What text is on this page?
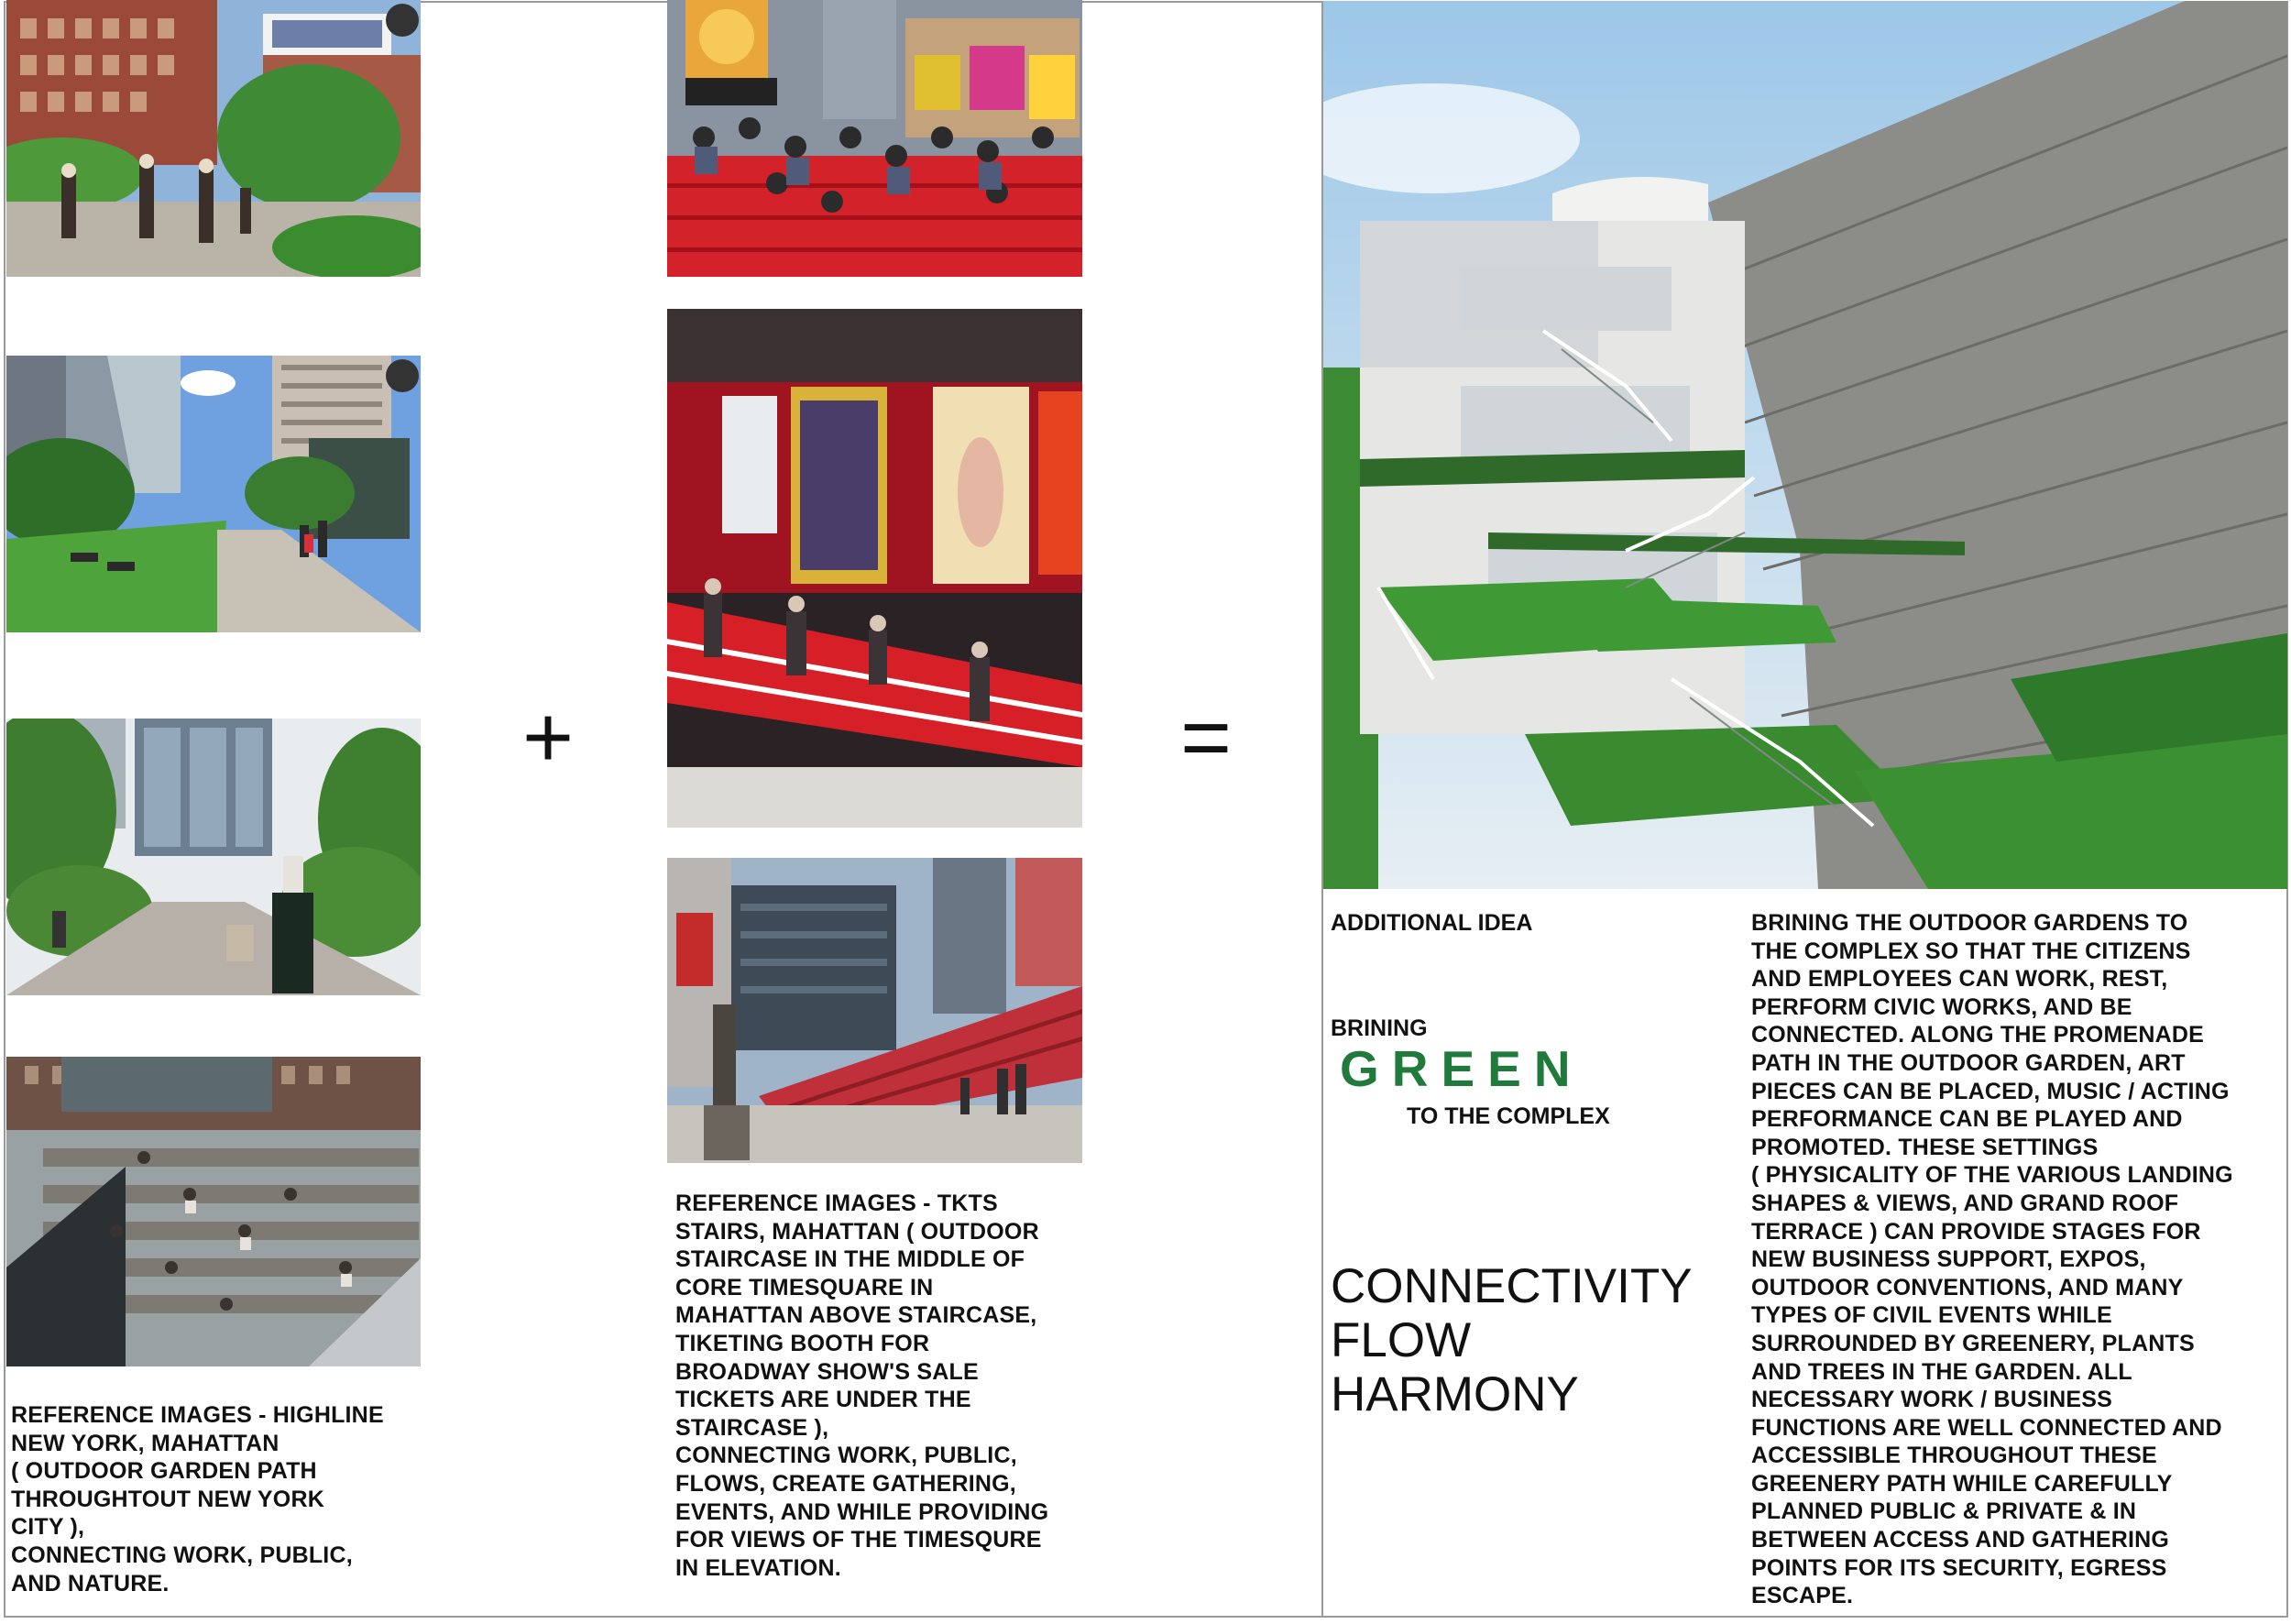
REFERENCE IMAGES - HIGHLINE
NEW YORK, MAHATTAN
( OUTDOOR GARDEN PATH
THROUGHTOUT NEW YORK
CITY ),
CONNECTING WORK, PUBLIC,
AND NATURE.
+
REFERENCE IMAGES - TKTS
STAIRS, MAHATTAN ( OUTDOOR
STAIRCASE IN THE MIDDLE OF
CORE TIMESQUARE IN
MAHATTAN ABOVE STAIRCASE,
TIKETING BOOTH FOR
BROADWAY SHOW'S SALE
TICKETS ARE UNDER THE
STAIRCASE ),
CONNECTING WORK, PUBLIC,
FLOWS, CREATE GATHERING,
EVENTS, AND WHILE PROVIDING
FOR VIEWS OF THE TIMESQURE
IN ELEVATION.
=
ADDITIONAL IDEA
BRINING
GREEN
TO THE COMPLEX
CONNECTIVITY
FLOW
HARMONY
BRINING THE OUTDOOR GARDENS TO
THE COMPLEX SO THAT THE CITIZENS
AND EMPLOYEES CAN WORK, REST,
PERFORM CIVIC WORKS, AND BE
CONNECTED. ALONG THE PROMENADE
PATH IN THE OUTDOOR GARDEN, ART
PIECES CAN BE PLACED, MUSIC / ACTING
PERFORMANCE CAN BE PLAYED AND
PROMOTED. THESE SETTINGS
( PHYSICALITY OF THE VARIOUS LANDING
SHAPES & VIEWS, AND GRAND ROOF
TERRACE ) CAN PROVIDE STAGES FOR
NEW BUSINESS SUPPORT, EXPOS,
OUTDOOR CONVENTIONS, AND MANY
TYPES OF CIVIL EVENTS WHILE
SURROUNDED BY GREENERY, PLANTS
AND TREES IN THE GARDEN. ALL
NECESSARY WORK / BUSINESS
FUNCTIONS ARE WELL CONNECTED AND
ACCESSIBLE THROUGHOUT THESE
GREENERY PATH WHILE CAREFULLY
PLANNED PUBLIC & PRIVATE & IN
BETWEEN ACCESS AND GATHERING
POINTS FOR ITS SECURITY, EGRESS
ESCAPE.
